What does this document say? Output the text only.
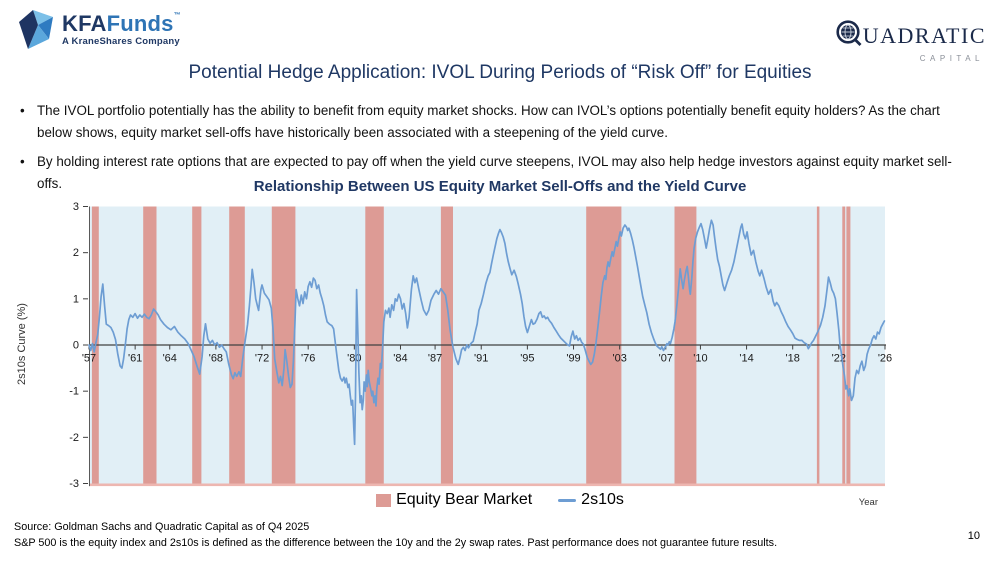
KFAFunds™
A KraneShares Company	UADRATIC
CAPITAL
Potential Hedge Application: IVOL During Periods of “Risk Off” for Equities
• The IVOL portfolio potentially has the ability to benefit from equity market shocks. How can IVOL’s options potentially benefit equity holders? As the chart below shows, equity market sell-offs have historically been associated with a steepening of the yield curve.
• By holding interest rate options that are expected to pay off when the yield curve steepens, IVOL may also help hedge investors against equity market sell-offs.	Relationship Between US Equity Market Sell-Offs and the Yield Curve
3
2
1
0
-1
-2
-3
'57	'61 '64	'68	'72	'76	'80	'84 '87	'91	'95	'99	'03	'07 '10	'14	'18	'22	'26
2s10s Curve (%)
Equity Bear Market	2s10s	Year
Source: Goldman Sachs and Quadratic Capital as of Q4 2025
S&P 500 is the equity index and 2s10s is defined as the difference between the 10y and the 2y swap rates. Past performance does not guarantee future results.
10
